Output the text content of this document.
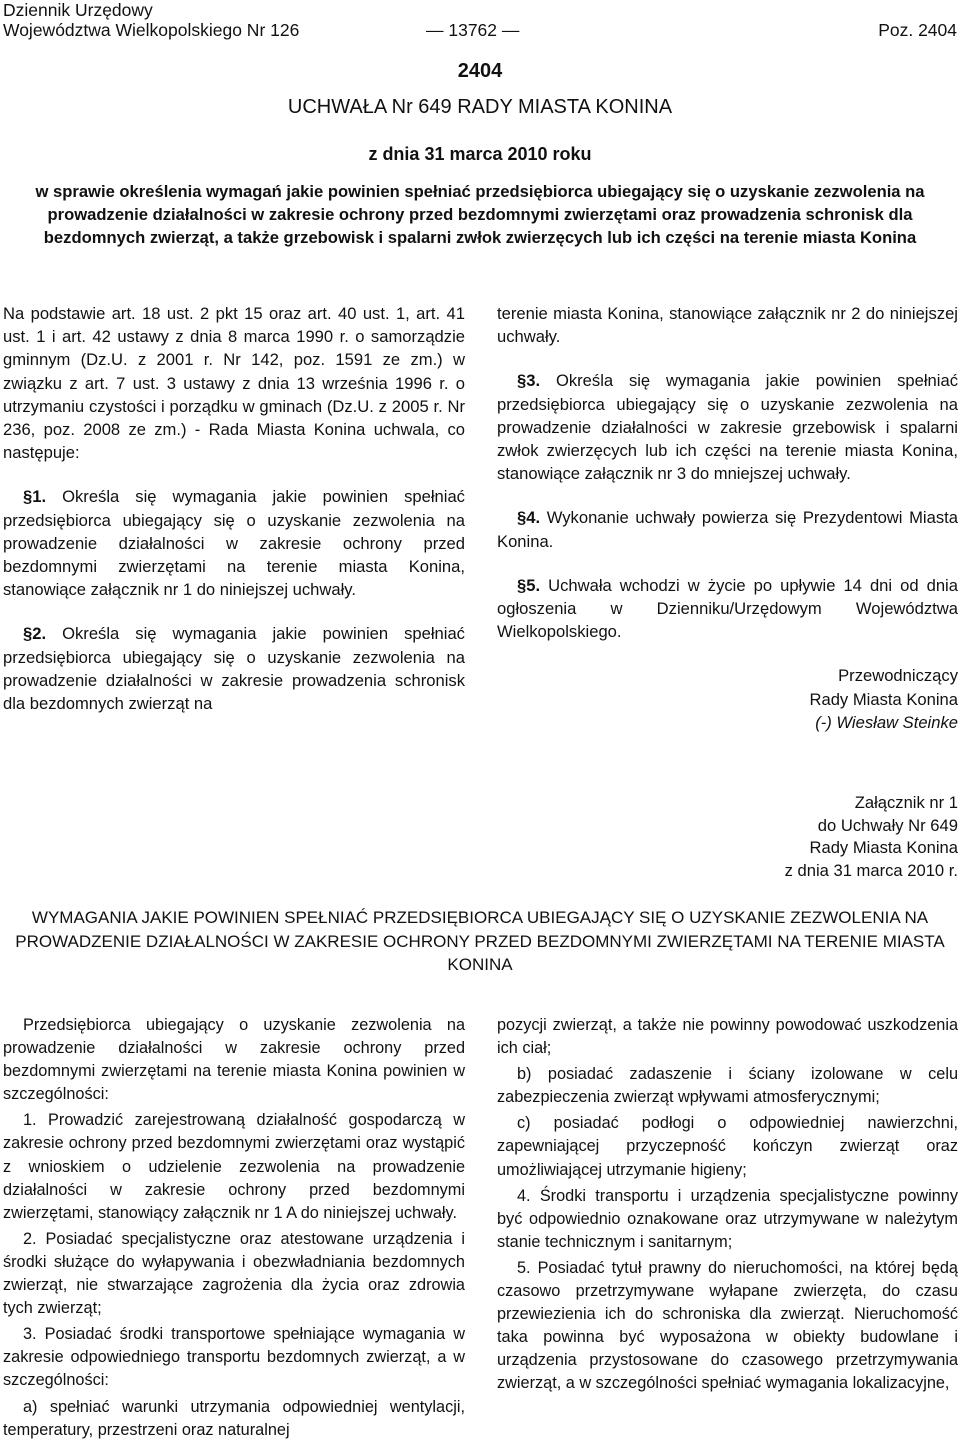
Dziennik Urzędowy
Województwa Wielkopolskiego Nr 126	Poz. 2404
— 13762 —
2404
UCHWAŁA Nr 649 RADY MIASTA KONINA
z dnia 31 marca 2010 roku
w sprawie określenia wymagań jakie powinien spełniać przedsiębiorca ubiegający się o uzyskanie zezwolenia na prowadzenie działalności w zakresie ochrony przed bezdomnymi zwierzętami oraz prowadzenia schronisk dla bezdomnych zwierząt, a także grzebowisk i spalarni zwłok zwierzęcych lub ich części na terenie miasta Konina

Na podstawie art. 18 ust. 2 pkt 15 oraz art. 40 ust. 1, art. 41 ust. 1 i art. 42 ustawy z dnia 8 marca 1990 r. o samorządzie gminnym (Dz.U. z 2001 r. Nr 142, poz. 1591 ze zm.) w związku z art. 7 ust. 3 ustawy z dnia 13 września 1996 r. o utrzymaniu czystości i porządku w gminach (Dz.U. z 2005 r. Nr 236, poz. 2008 ze zm.) - Rada Miasta Konina uchwala, co następuje:

§1. Określa się wymagania jakie powinien spełniać przedsiębiorca ubiegający się o uzyskanie zezwolenia na prowadzenie działalności w zakresie ochrony przed bezdomnymi zwierzętami na terenie miasta Konina, stanowiące załącznik nr 1 do niniejszej uchwały.

§2. Określa się wymagania jakie powinien spełniać przedsiębiorca ubiegający się o uzyskanie zezwolenia na prowadzenie działalności w zakresie prowadzenia schronisk dla bezdomnych zwierząt na

terenie miasta Konina, stanowiące załącznik nr 2 do niniejszej uchwały.

§3. Określa się wymagania jakie powinien spełniać przedsiębiorca ubiegający się o uzyskanie zezwolenia na prowadzenie działalności w zakresie grzebowisk i spalarni zwłok zwierzęcych lub ich części na terenie miasta Konina, stanowiące załącznik nr 3 do mniejszej uchwały.

§4. Wykonanie uchwały powierza się Prezydentowi Miasta Konina.

§5. Uchwała wchodzi w życie po upływie 14 dni od dnia ogłoszenia w Dzienniku/Urzędowym Województwa Wielkopolskiego.

Przewodniczący
Rady Miasta Konina
(-) Wiesław Steinke
Załącznik nr 1
do Uchwały Nr 649
Rady Miasta Konina
z dnia 31 marca 2010 r.
WYMAGANIA JAKIE POWINIEN SPEŁNIAĆ PRZEDSIĘBIORCA UBIEGAJĄCY SIĘ O UZYSKANIE ZEZWOLENIA NA PROWADZENIE DZIAŁALNOŚCI W ZAKRESIE OCHRONY PRZED BEZDOMNYMI ZWIERZĘTAMI NA TERENIE MIASTA KONINA

Przedsiębiorca ubiegający o uzyskanie zezwolenia na prowadzenie działalności w zakresie ochrony przed bezdomnymi zwierzętami na terenie miasta Konina powinien w szczególności:

1. Prowadzić zarejestrowaną działalność gospodarczą w zakresie ochrony przed bezdomnymi zwierzętami oraz wystąpić z wnioskiem o udzielenie zezwolenia na prowadzenie działalności w zakresie ochrony przed bezdomnymi zwierzętami, stanowiący załącznik nr 1 A do niniejszej uchwały.

2. Posiadać specjalistyczne oraz atestowane urządzenia i środki służące do wyłapywania i obezwładniania bezdomnych zwierząt, nie stwarzające zagrożenia dla życia oraz zdrowia tych zwierząt;

3. Posiadać środki transportowe spełniające wymagania w zakresie odpowiedniego transportu bezdomnych zwierząt, a w szczególności:

a) spełniać warunki utrzymania odpowiedniej wentylacji, temperatury, przestrzeni oraz naturalnej

pozycji zwierząt, a także nie powinny powodować uszkodzenia ich ciał;

b) posiadać zadaszenie i ściany izolowane w celu zabezpieczenia zwierząt wpływami atmosferycznymi;

c) posiadać podłogi o odpowiedniej nawierzchni, zapewniającej przyczepność kończyn zwierząt oraz umożliwiającej utrzymanie higieny;

4. Środki transportu i urządzenia specjalistyczne powinny być odpowiednio oznakowane oraz utrzymywane w należytym stanie technicznym i sanitarnym;

5. Posiadać tytuł prawny do nieruchomości, na której będą czasowo przetrzymywane wyłapane zwierzęta, do czasu przewiezienia ich do schroniska dla zwierząt. Nieruchomość taka powinna być wyposażona w obiekty budowlane i urządzenia przystosowane do czasowego przetrzymywania zwierząt, a w szczególności spełniać wymagania lokalizacyjne,
